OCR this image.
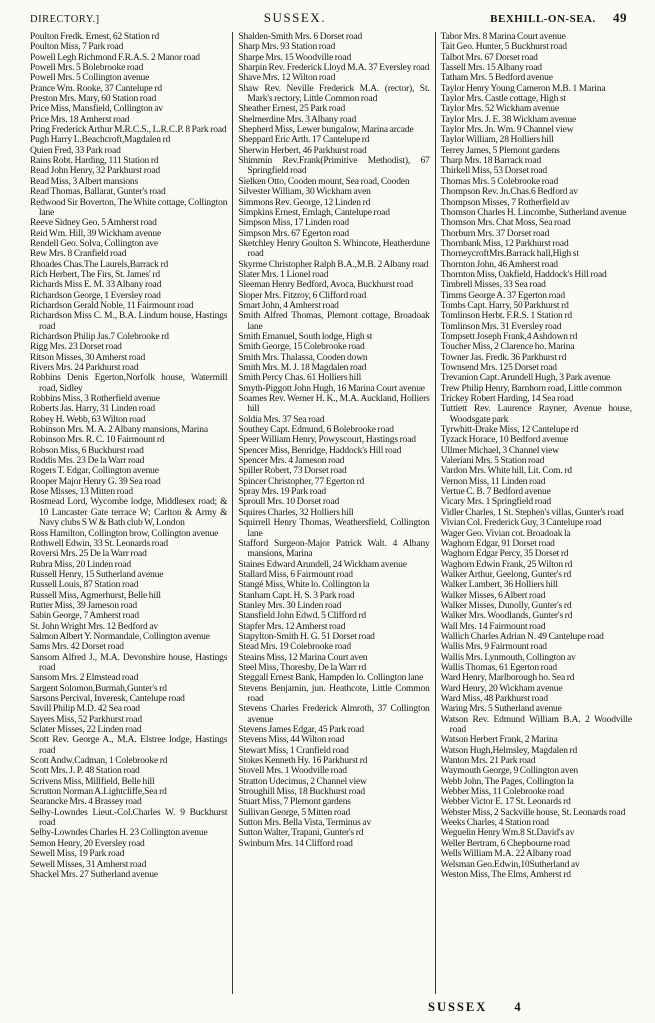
DIRECTORY.]	SUSSEX.	BEXHILL-ON-SEA. 49

Poulton Fredk. Ernest, 62 Station rd

Poulton Miss, 7 Park road

Powell Legh Richmond F.R.A.S. 2 Manor road

Powell Mrs. 5 Bolebrooke road

Powell Mrs. 5 Collington avenue

Prance Wm. Rooke, 37 Cantelupe rd

Preston Mrs. Mary, 60 Station road

Price Miss, Mansfield, Collington av

Price Mrs. 18 Amherst road

Pring Frederick Arthur M.R.C.S., L.R.C.P. 8 Park road

Pugh Harry L.Beachcroft,Magdalen rd

Quien Fred, 33 Park road

Rains Robt. Harding, 111 Station rd

Read John Henry, 32 Parkhurst road

Read Miss, 3 Albert mansions

Read Thomas, Ballarat, Gunter's road

Redwood Sir Boverton, The White cottage, Collington lane

Reeve Sidney Geo. 5 Amherst road

Reid Wm. Hill, 39 Wickham avenue

Rendell Geo. Solva, Collington ave

Rew Mrs. 8 Cranfield road

Rhoades Chas.The Laurels,Barrack rd

Rich Herbert, The Firs, St. James' rd

Richards Miss E. M. 33 Albany road

Richardson George, 1 Eversley road

Richardson Gerald Noble, 11 Fairmount road

Richardson Miss C. M., B.A. Lindum house, Hastings road

Richardson Philip Jas.7 Colebrooke rd

Rigg Mrs. 23 Dorset road

Ritson Misses, 30 Amherst road

Rivers Mrs. 24 Parkhurst road

Robbins Denis Egerton,Norfolk house, Watermill road, Sidley

Robbins Miss, 3 Rotherfield avenue

Roberts Jas. Harry, 31 Linden road

Robey H. Webb, 63 Wilton road

Robinson Mrs. M. A. 2 Albany mansions, Marina

Robinson Mrs. R. C. 10 Fairmount rd

Robson Miss, 6 Buckhurst road

Roddis Mrs. 23 De la Warr road

Rogers T. Edgar, Collington avenue

Rooper Major Henry G. 39 Sea road

Rose Misses, 13 Mitten road

Rosmead Lord, Wycombe lodge, Middlesex road; & 10 Lancaster Gate terrace W; Carlton & Army & Navy clubs S W & Bath club W, London

Ross Hamilton, Collington brow, Collington avenue

Rothwell Edwin, 33 St. Leonards road

Roversi Mrs. 25 De la Warr road

Rubra Miss, 20 Linden road

Russell Henry, 15 Sutherland avenue

Russell Louis, 87 Station road

Russell Miss, Agmerhurst, Belle hill

Rutter Miss, 39 Jameson road

Sabin George, 7 Amherst road

St. John Wright Mrs. 12 Bedford av

Salmon Albert Y. Normandale, Collington avenue

Sams Mrs. 42 Dorset road

Sansom Alfred J., M.A. Devonshire house, Hastings road

Sansom Mrs. 2 Elmstead road

Sargent Solomon,Burmah,Gunter's rd

Sarsons Percival, Inveresk, Cantelupe road

Savill Philip M.D. 42 Sea road

Sayers Miss, 52 Parkhurst road

Sclater Misses, 22 Linden road

Scott Rev. George A., M.A. Elstree lodge, Hastings road

Scott Andw.Cadman, 1 Colebrooke rd

Scott Mrs. J. P. 48 Station road

Scrivens Miss, Millfield, Belle hill

Scrutton Norman A.Lightcliffe,Sea rd

Searancke Mrs. 4 Brassey road

Selby-Lowndes Lieut.-Col.Charles W. 9 Buckhurst road

Selby-Lowndes Charles H. 23 Collington avenue

Semon Henry, 20 Eversley road

Sewell Miss, 19 Park road

Sewell Misses, 31 Amherst road

Shackel Mrs. 27 Sutherland avenue

Shalden-Smith Mrs. 6 Dorset road

Sharp Mrs. 93 Station road

Sharpe Mrs. 15 Woodville road

Sharpin Rev. Frederick Lloyd M.A. 37 Eversley road

Shave Mrs. 12 Wilton road

Shaw Rev. Neville Frederick M.A. (rector), St. Mark's rectory, Little Common road

Sheather Ernest, 25 Park road

Shelmerdine Mrs. 3 Albany road

Shepherd Miss, Lewer bungalow, Marina arcade

Sheppard Eric Arth. 17 Cantelupe rd

Sherwin Herbert, 46 Parkhurst road

Shimmin Rev.Frank(Primitive Methodist), 67 Springfield road

Sielken Otto, Cooden mount, Sea road, Cooden

Silvester William, 30 Wickham aven

Simmons Rev. George, 12 Linden rd

Simpkins Ernest, Emlagh, Cantelupe road

Simpson Miss, 17 Linden road

Simpson Mrs. 67 Egerton road

Sketchley Henry Goulton S. Whincote, Heatherdune road

Skyrme Christopher Ralph B.A.,M.B. 2 Albany road

Slater Mrs. 1 Lionel road

Sleeman Henry Bedford, Avoca, Buckhurst road

Sloper Mrs. Fitzroy, 6 Clifford road

Smart John, 4 Amherst road

Smith Alfred Thomas, Plemont cottage, Broadoak lane

Smith Emanuel, South lodge, High st

Smith George, 15 Colebrooke road

Smith Mrs. Thalassa, Cooden down

Smith Mrs. M. J. 18 Magdalen road

Smith Percy Chas. 61 Holliers hill

Smyth-Piggott John Hugh, 16 Marina Court avenue

Soames Rev. Werner H. K., M.A. Auckland, Holliers hill

Soldia Mrs. 37 Sea road

Southey Capt. Edmund, 6 Bolebrooke road

Speer William Henry, Powyscourt, Hastings road

Spencer Miss, Benridge, Haddock's Hill road

Spencer Mrs. 4 Jameson road

Spiller Robert, 73 Dorset road

Spincer Christopher, 77 Egerton rd

Spray Mrs. 19 Park road

Sproull Mrs. 10 Dorset road

Squires Charles, 32 Holliers hill

Squirrell Henry Thomas, Weathersfield, Collington lane

Stafford Surgeon-Major Patrick Walt. 4 Albany mansions, Marina

Staines Edward Arundell, 24 Wickham avenue

Stallard Miss, 6 Fairmount road

Stangé Miss, White lo. Collington la

Stanham Capt. H. S. 3 Park road

Stanley Mrs. 30 Linden road

Stansfield John Edwd. 5 Clifford rd

Stapfer Mrs. 12 Amherst road

Stapylton-Smith H. G. 51 Dorset road

Stead Mrs. 19 Colebrooke road

Steains Miss, 12 Marina Court aven

Steel Miss, Thoresby, De la Warr rd

Steggall Ernest Bank, Hampden lo. Collington lane

Stevens Benjamin, jun. Heathcote, Little Common road

Stevens Charles Frederick Almroth, 37 Collington avenue

Stevens James Edgar, 45 Park road

Stevens Miss, 44 Wilton road

Stewart Miss, 1 Cranfield road

Stokes Kenneth Hy. 16 Parkhurst rd

Stovell Mrs. 1 Woodville road

Stratton Udecimus, 2 Channel view

Stroughill Miss, 18 Buckhurst road

Stuart Miss, 7 Plemont gardens

Sullivan George, 5 Mitten road

Sutton Mrs. Bella Vista, Terminus av

Sutton Walter, Trapani, Gunter's rd

Swinburn Mrs. 14 Clifford road

Tabor Mrs. 8 Marina Court avenue

Tait Geo. Hunter, 5 Buckhurst road

Talbot Mrs. 67 Dorset road

Tassell Mrs. 15 Albany road

Tatham Mrs. 5 Bedford avenue

Taylor Henry Young Cameron M.B. 1 Marina

Taylor Mrs. Castle cottage, High st

Taylor Mrs. 52 Wickham avenue

Taylor Mrs. J. E. 38 Wickham avenue

Taylor Mrs. Jn. Wm. 9 Channel view

Taylor William, 28 Holliers hill

Terrey James, 5 Plemont gardens

Tharp Mrs. 18 Barrack road

Thirkell Miss, 53 Dorset road

Thomas Mrs. 5 Colebrooke road

Thompson Rev. Jn.Chas.6 Bedford av

Thompson Misses, 7 Rotherfield av

Thomson Charles H. Lincombe, Sutherland avenue

Thomson Mrs. Chat Moss, Sea road

Thorburn Mrs. 37 Dorset road

Thornbank Miss, 12 Parkhurst road

ThorneycroftMrs.Barrack hall,High st

Thornton John, 46 Amherst road

Thornton Miss, Oakfield, Haddock's Hill road

Timbrell Misses, 33 Sea road

Timms George A. 37 Egerton road

Tombs Capt. Harry, 50 Parkhurst rd

Tomlinson Herbt. F.R.S. 1 Station rd

Tomlinson Mrs. 31 Eversley road

Tompsett Joseph Frank,4 Ashdown rd

Toucher Miss, 2 Clarence ho. Marina

Towner Jas. Fredk. 36 Parkhurst rd

Townsend Mrs. 125 Dorset road

Trevanion Capt. Arundell Hugh, 3 Park avenue

Trew Philip Henry, Barnhorn road, Little common

Trickey Robert Harding, 14 Sea road

Tuttiett Rev. Laurence Rayner, Avenue house, Woodsgate park

Tyrwhitt-Drake Miss, 12 Cantelupe rd

Tyzack Horace, 10 Bedford avenue

Ullmer Michael, 3 Channel view

Valeriani Mrs. 5 Station road

Vardon Mrs. White hill, Lit. Com. rd

Vernon Miss, 11 Linden road

Vertue C. B. 7 Bedford avenue

Vicary Mrs. 1 Springfield road

Vidler Charles, 1 St. Stephen's villas, Gunter's road

Vivian Col. Frederick Guy, 3 Cantelupe road

Wager Geo. Vivian cot. Broadoak la

Waghorn Edgar, 91 Dorset road

Waghorn Edgar Percy, 35 Dorset rd

Waghorn Edwin Frank, 25 Wilton rd

Walker Arthur, Geelong, Gunter's rd

Walker Lambert, 36 Holliers hill

Walker Misses, 6 Albert road

Walker Misses, Dunolly, Gunter's rd

Walker Mrs. Woodlands, Gunter's rd

Wall Mrs. 14 Fairmount road

Wallich Charles Adrian N. 49 Cantelupe road

Wallis Mrs. 9 Fairmount road

Wallis Mrs. Lynmouth, Collington av

Wallis Thomas, 61 Egerton road

Ward Henry, Marlborough ho. Sea rd

Ward Henry, 20 Wickham avenue

Ward Miss, 48 Parkhurst road

Waring Mrs. 5 Sutherland avenue

Watson Rev. Edmund William B.A. 2 Woodville road

Watson Herbert Frank, 2 Marina

Watson Hugh,Helmsley, Magdalen rd

Wanton Mrs. 21 Park road

Waymouth George, 9 Collington aven

Webb John, The Pages, Collington la

Webber Miss, 11 Colebrooke road

Webber Victor E. 17 St. Leonards rd

Webster Miss, 2 Sackville house, St. Leonards road

Weeks Charles, 4 Station road

Weguelin Henry Wm.8 St.David's av

Weller Bertram, 6 Chepbourne road

Wells William M.A. 22 Albany road

Welsman Geo.Edwin,10Sutherland av

Weston Miss, The Elms, Amherst rd

SUSSEX 4
